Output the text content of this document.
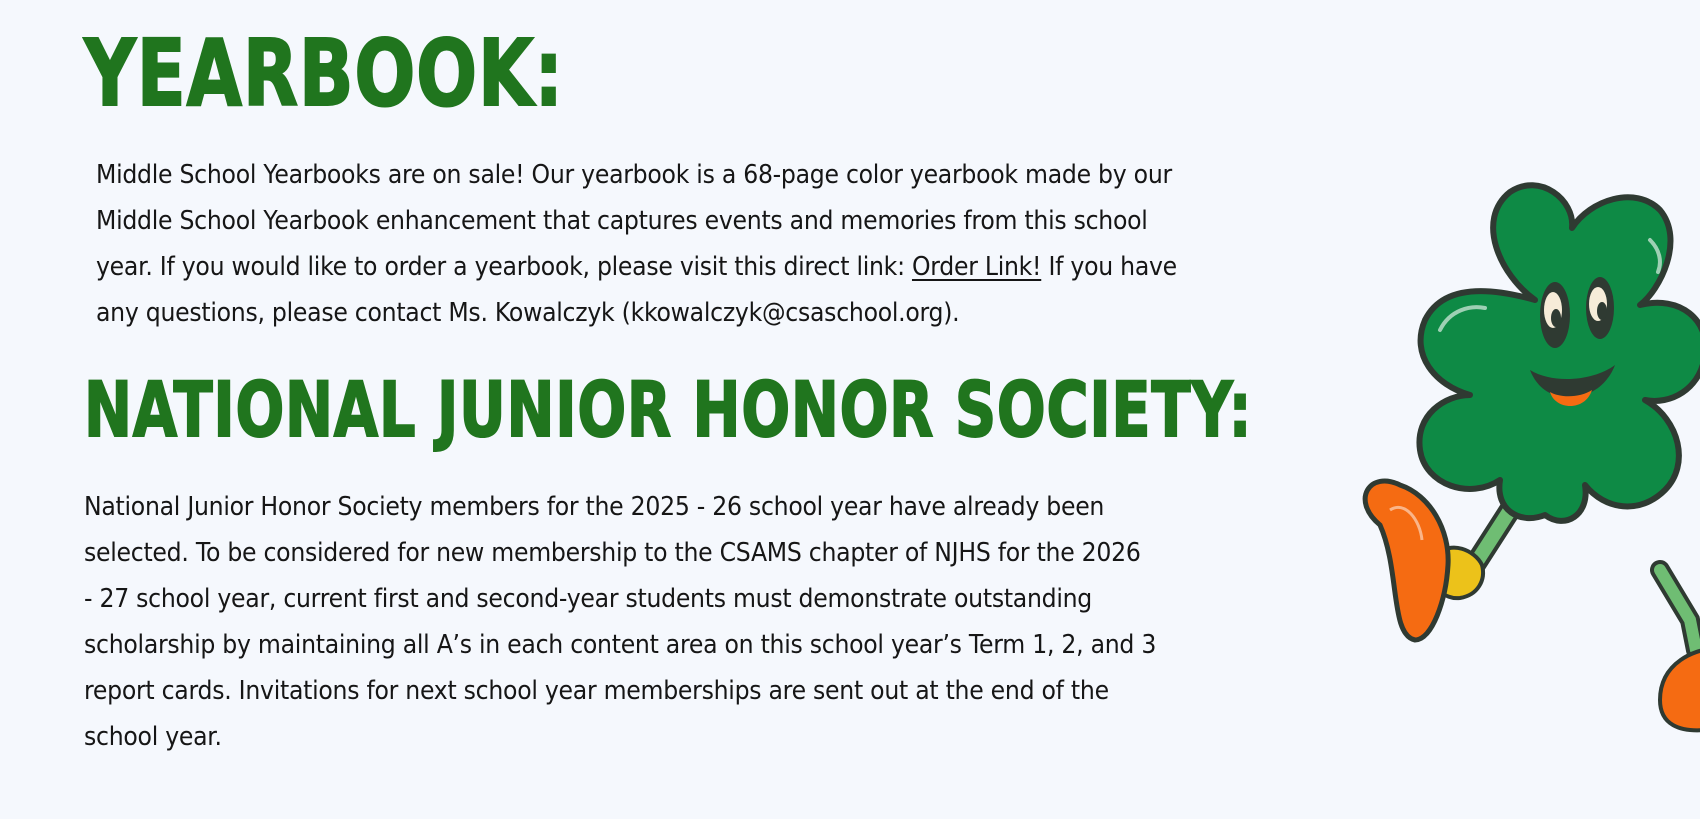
YEARBOOK:

Middle School Yearbooks are on sale! Our yearbook is a 68-page color yearbook made by our
Middle School Yearbook enhancement that captures events and memories from this school
year. If you would like to order a yearbook, please visit this direct link: Order Link! If you have
any questions, please contact Ms. Kowalczyk (kkowalczyk@csaschool.org).

NATIONAL JUNIOR HONOR SOCIETY:

National Junior Honor Society members for the 2025 - 26 school year have already been
selected. To be considered for new membership to the CSAMS chapter of NJHS for the 2026
- 27 school year, current first and second-year students must demonstrate outstanding
scholarship by maintaining all A’s in each content area on this school year’s Term 1, 2, and 3
report cards. Invitations for next school year memberships are sent out at the end of the
school year.
